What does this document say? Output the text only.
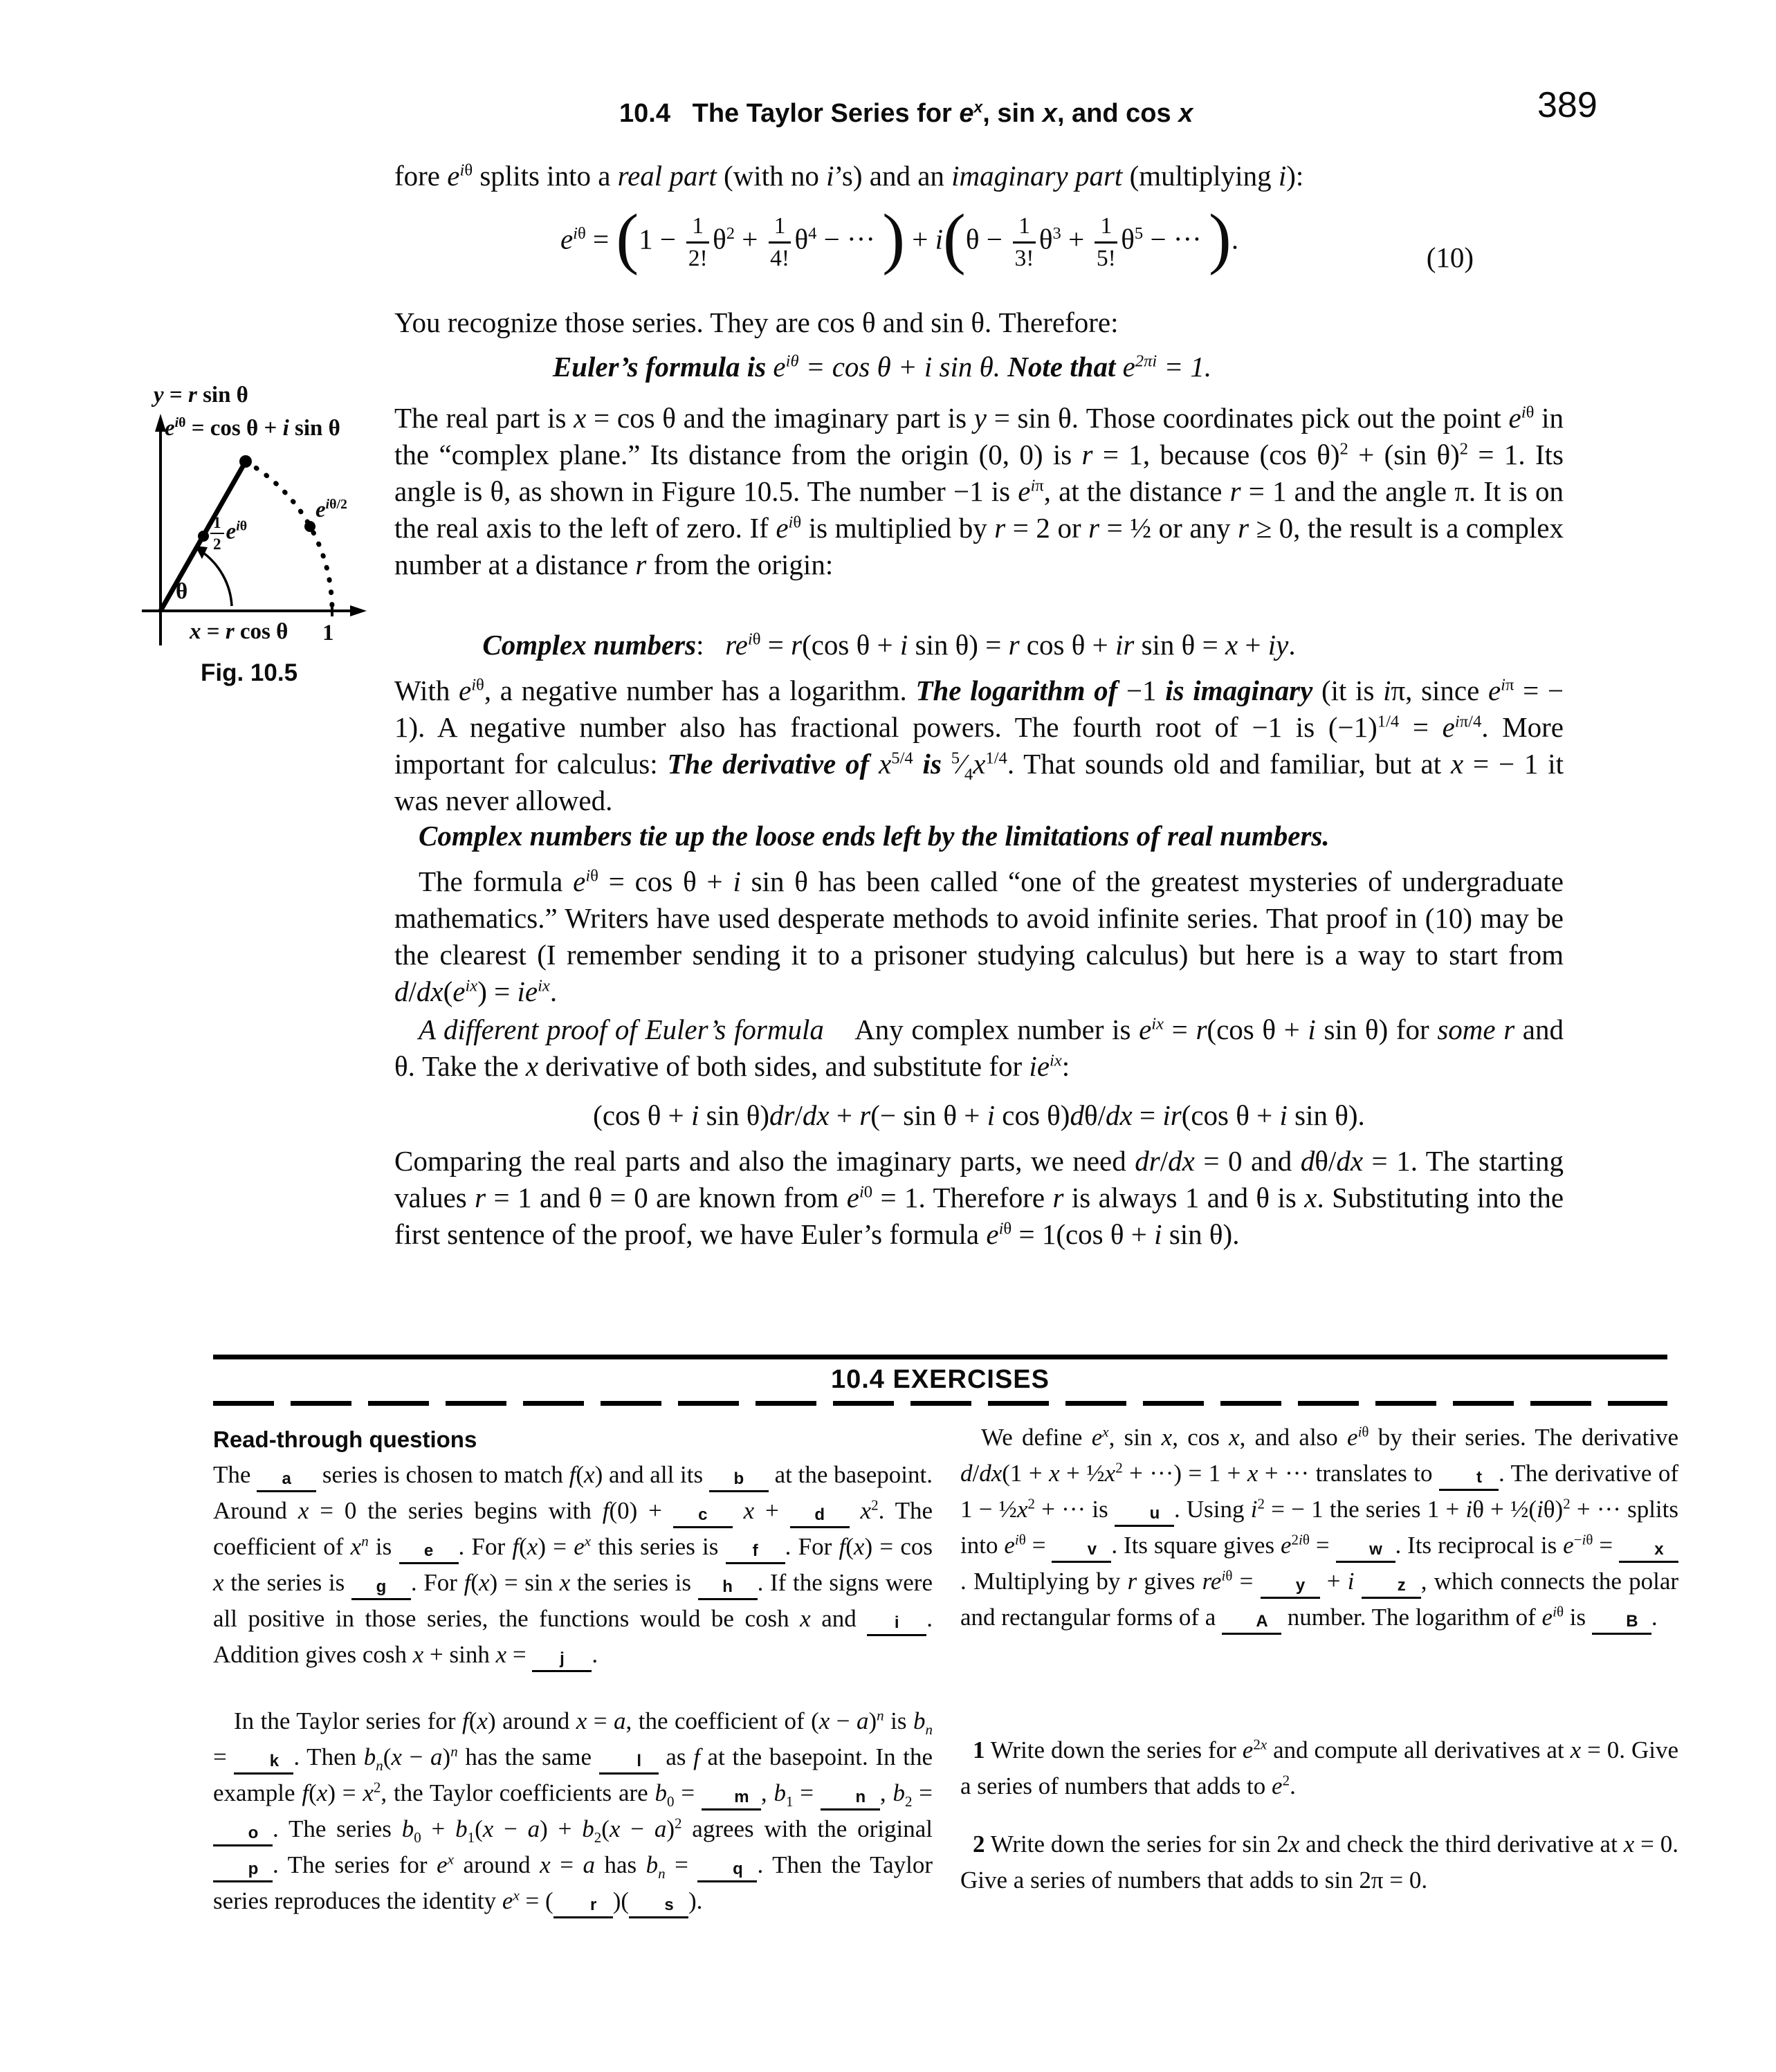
10.4   The Taylor Series for $e^x$, sin x, and cos x	389
fore $e^{i\theta}$ splits into a real part (with no i’s) and an imaginary part (multiplying i):
$e^{i\theta} = (1 - \frac{1}{2!} \theta^2 + \frac{1}{4!} \theta^4$ − ··· ) + $i(\theta - \frac{1}{3!} \theta^3 + \frac{1}{5!} \theta^5$ − ··· ).
(10)
You recognize those series. They are cos θ and sin θ. Therefore:
Euler’s formula is $e^{i\theta} = \cos \theta + i$ sin θ. Note that $e^{2\pi i} = 1$.
The real part is x = cos θ and the imaginary part is y = sin θ. Those coordinates pick out the point $e^{i\theta}$ in the “complex plane.” Its distance from the origin (0, 0) is r = 1, because (cos θ)$^2$ + (sin θ)$^2$ = 1. Its angle is θ, as shown in Figure 10.5. The number −1 is $e^{i\pi}$, at the distance r = 1 and the angle π. It is on the real axis to the left of zero. If $e^{i\theta}$ is multiplied by r = 2 or r = ½ or any r ≥ 0, the result is a complex number at a distance r from the origin:
Complex numbers:   $re^{i\theta} = r(\cos$ θ + i sin θ) = r cos θ + ir sin θ = x + iy.
With $e^{i\theta}$, a negative number has a logarithm. The logarithm of −1 is imaginary (it is iπ, since $e^{i\pi}$ = − 1). A negative number also has fractional powers. The fourth root of −1 is $(-1)^{1/4} = e^{i\pi/4}$. More important for calculus: The derivative of $x^{5/4}$ is $^5⁄_4x^{1/4}$. That sounds old and familiar, but at x = − 1 it was never allowed.
Complex numbers tie up the loose ends left by the limitations of real numbers.
The formula $e^{i\theta} = \cos \theta + i$ sin θ has been called “one of the greatest mysteries of undergraduate mathematics.” Writers have used desperate methods to avoid infinite series. That proof in (10) may be the clearest (I remember sending it to a prisoner studying calculus) but here is a way to start from $d/dx(e^{ix}) = ie^{ix}$.
A different proof of Euler’s formula    Any complex number is $e^{ix} = r(\cos$ θ + i sin θ) for some r and θ. Take the x derivative of both sides, and substitute for $ie^{ix}$:
(cos θ + i sin θ)dr/dx + r(− sin θ + i cos θ)dθ/dx = ir(cos θ + i sin θ).
Comparing the real parts and also the imaginary parts, we need dr/dx = 0 and dθ/dx = 1. The starting values r = 1 and θ = 0 are known from $e^{i0} = 1$. Therefore r is always 1 and θ is x. Substituting into the first sentence of the proof, we have Euler’s formula $e^{i\theta} = 1(\cos$ θ + i sin θ).
y = r sin θ
$e^{i\theta} = \cos \theta + i$ sin θ
$\frac{1}{2} e^{i\theta}$
$e^{i\theta/2}$
θ
x = r cos θ 1
Fig. 10.5
10.4 EXERCISES
Read-through questions
The a series is chosen to match f(x) and all its b at the basepoint. Around x = 0 the series begins with f(0) + c x + d $x^2$. The coefficient of $x^n$ is e . For $f(x) = e^x$ this series is f . For f(x) = cos x the series is g . For f(x) = sin x the series is h . If the signs were all positive in those series, the functions would be cosh x and i . Addition gives cosh x + sinh x = j .
In the Taylor series for f(x) around x = a, the coefficient of $(x - a)^n$ is $b_n = k$ . Then $b_n(x - a)^n$ has the same l as f at the basepoint. In the example $f(x) = x^2$, the Taylor coefficients are $b_0 = m$ , $b_1 = n$ , $b_2 = o$ . The series $b_0 + b_1(x - a) + b_2(x - a)^2$ agrees with the original p . The series for $e^x$ around x = a has $b_n = q$ . Then the Taylor series reproduces the identity $e^x$ = ( r )( s ).
We define $e^x$, sin x, cos x, and also $e^{i\theta}$ by their series. The derivative $d/dx(1 + x + \frac{1}{2}x^2$ + ···) = 1 + x + ··· translates to t . The derivative of $1 - \frac{1}{2}x^2$ + ··· is u . Using $i^2$ = − 1 the series $1 + i\theta + \frac{1}{2}(i\theta)^2$ + ··· splits into $e^{i\theta} = v$ . Its square gives $e^{2i\theta} = w$ . Its reciprocal is $e^{-i\theta} = x$. Multiplying by r gives $re^{i\theta} = y + i$	z , which connects the polar and rectangular forms of a A number. The logarithm of $e^{i\theta}$ is B .
1 Write down the series for $e^{2x}$ and compute all derivatives at x = 0. Give a series of numbers that adds to $e^2$.
2 Write down the series for sin 2x and check the third derivative at x = 0. Give a series of numbers that adds to sin 2π = 0.
